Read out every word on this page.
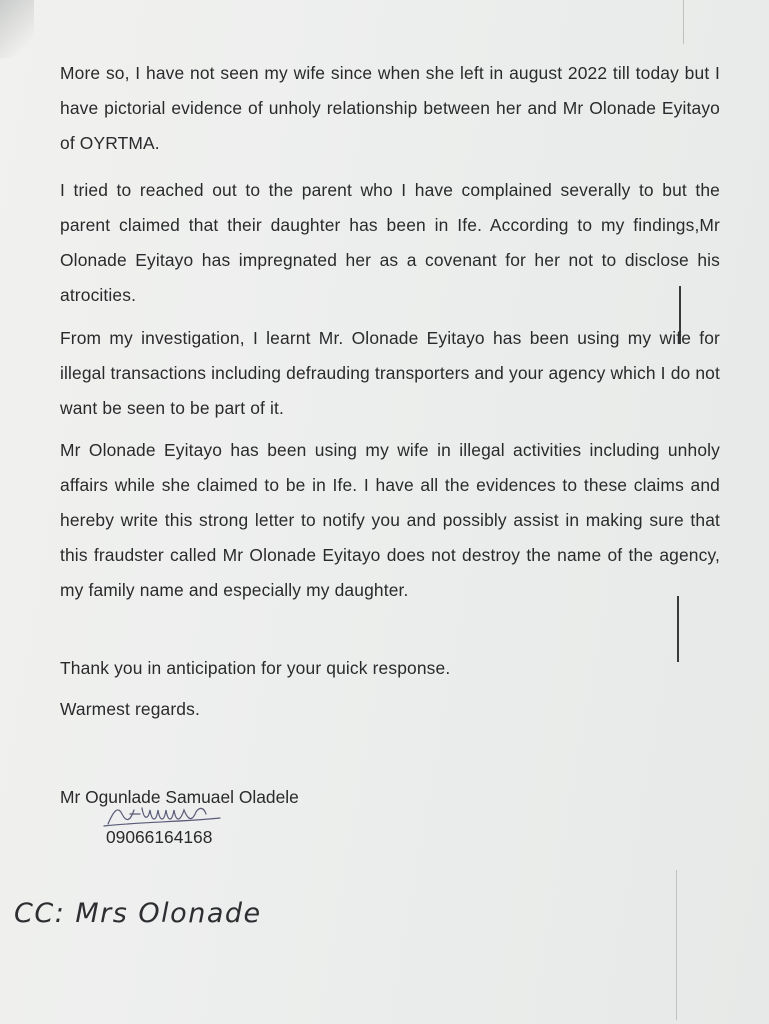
More so, I have not seen my wife since when she left in august 2022 till today but I have pictorial evidence of unholy relationship between her and Mr Olonade Eyitayo of OYRTMA.

I tried to reached out to the parent who I have complained severally to but the parent claimed that their daughter has been in Ife. According to my findings,Mr Olonade Eyitayo has impregnated her as a covenant for her not to disclose his atrocities.

From my investigation, I learnt Mr. Olonade Eyitayo has been using my wife for illegal transactions including defrauding transporters and your agency which I do not want be seen to be part of it.

Mr Olonade Eyitayo has been using my wife in illegal activities including unholy affairs while she claimed to be in Ife. I have all the evidences to these claims and hereby write this strong letter to notify you and possibly assist in making sure that this fraudster called Mr Olonade Eyitayo does not destroy the name of the agency, my family name and especially my daughter.

Thank you in anticipation for your quick response.

Warmest regards.

Mr Ogunlade Samuael Oladele
09066164168
CC: Mrs Olonade
